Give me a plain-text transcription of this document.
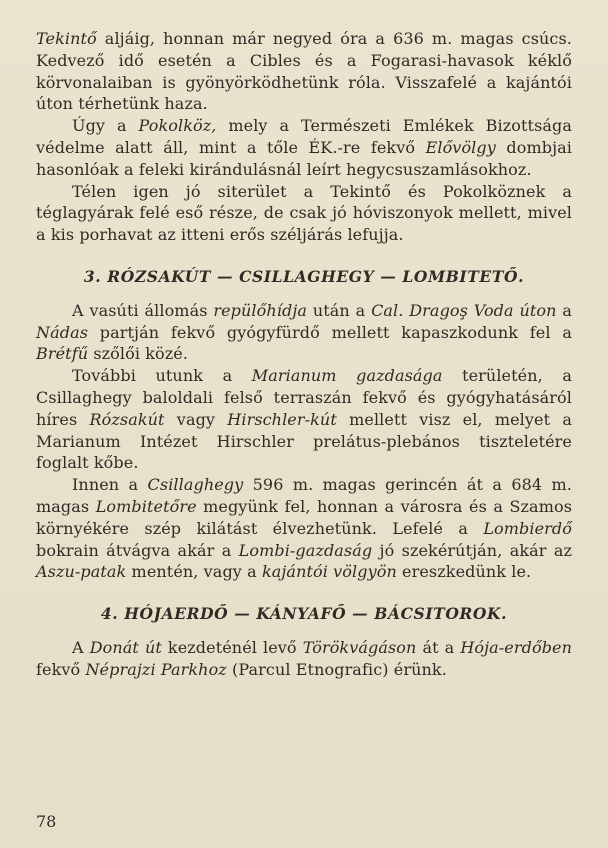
Tekintő aljáig, honnan már negyed óra a 636 m. magas csúcs. Kedvező idő esetén a Cibles és a Fogarasi-havasok kéklő körvonalaiban is gyönyörködhetünk róla. Visszafelé a kajántói úton térhetünk haza.

Úgy a Pokolköz, mely a Természeti Emlékek Bizottsága védelme alatt áll, mint a tőle ÉK.-re fekvő Elővölgy dombjai hasonlóak a feleki kirándulásnál leírt hegycsuszamlásokhoz.

Télen igen jó siterület a Tekintő és Pokolköznek a téglagyárak felé eső része, de csak jó hóviszonyok mellett, mivel a kis porhavat az itteni erős széljárás lefujja.

3. RÓZSAKÚT — CSILLAGHEGY — LOMBITETŐ.

A vasúti állomás repülőhídja után a Cal. Dragoş Voda úton a Nádas partján fekvő gyógyfürdő mellett kapaszkodunk fel a Brétfű szőlői közé.

További utunk a Marianum gazdasága területén, a Csillaghegy baloldali felső terraszán fekvő és gyógyhatásáról híres Rózsakút vagy Hirschler-kút mellett visz el, melyet a Marianum Intézet Hirschler prelátus-plebános tiszteletére foglalt kőbe.

Innen a Csillaghegy 596 m. magas gerincén át a 684 m. magas Lombitetőre megyünk fel, honnan a városra és a Szamos környékére szép kilátást élvezhetünk. Lefelé a Lombierdő bokrain átvágva akár a Lombi-gazdaság jó szekérútján, akár az Aszu-patak mentén, vagy a kajántói völgyön ereszkedünk le.

4. HÓJAERDŐ — KÁNYAFŐ — BÁCSITOROK.

A Donát út kezdeténél levő Törökvágáson át a Hója-erdőben fekvő Néprajzi Parkhoz (Parcul Etnografic) érünk.

78
